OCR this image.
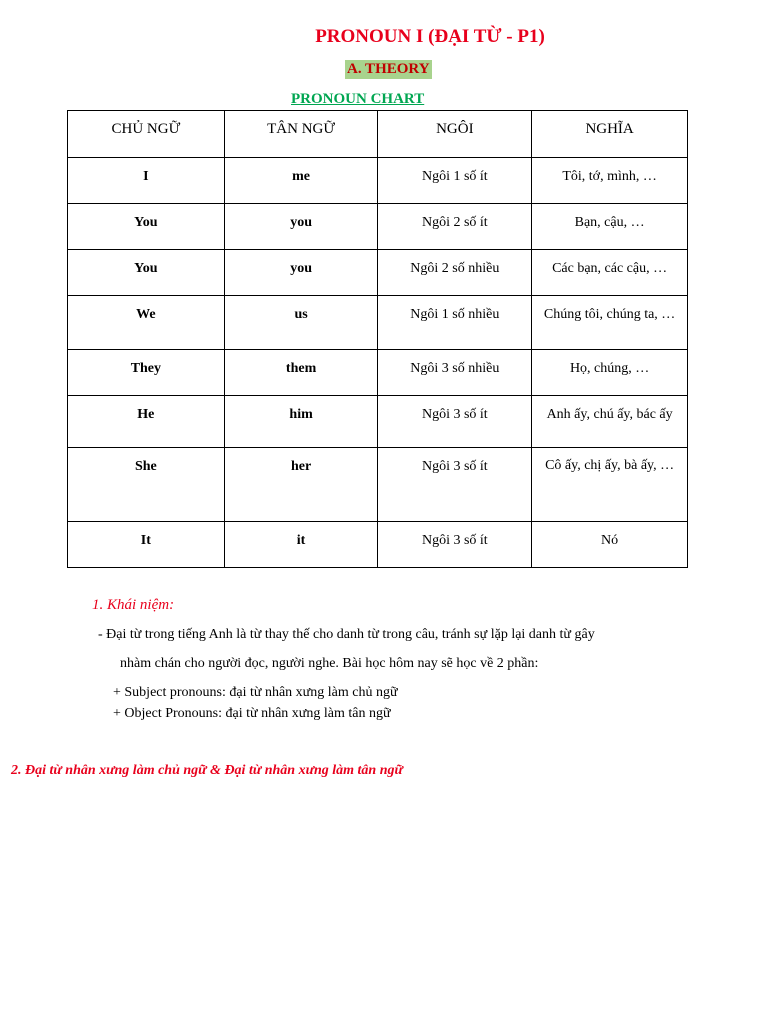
PRONOUN I (ĐẠI TỪ - P1)
A. THEORY
PRONOUN CHART
CHỦ NGỮ	TÂN NGỮ	NGÔI	NGHĨA
I	me	Ngôi 1 số ít	Tôi, tớ, mình, …
You	you	Ngôi 2 số ít	Bạn, cậu, …
You	you	Ngôi 2 số nhiều	Các bạn, các cậu, …
We	us	Ngôi 1 số nhiều	Chúng tôi, chúng ta, …
They	them	Ngôi 3 số nhiều	Họ, chúng, …
He	him	Ngôi 3 số ít	Anh ấy, chú ấy, bác ấy
She	her	Ngôi 3 số ít	Cô ấy, chị ấy, bà ấy, …
It	it	Ngôi 3 số ít	Nó
1. Khái niệm:
- Đại từ trong tiếng Anh là từ thay thế cho danh từ trong câu, tránh sự lặp lại danh từ gây
nhàm chán cho người đọc, người nghe. Bài học hôm nay sẽ học về 2 phần:
+ Subject pronouns: đại từ nhân xưng làm chủ ngữ
+ Object Pronouns: đại từ nhân xưng làm tân ngữ
2. Đại từ nhân xưng làm chủ ngữ & Đại từ nhân xưng làm tân ngữ
